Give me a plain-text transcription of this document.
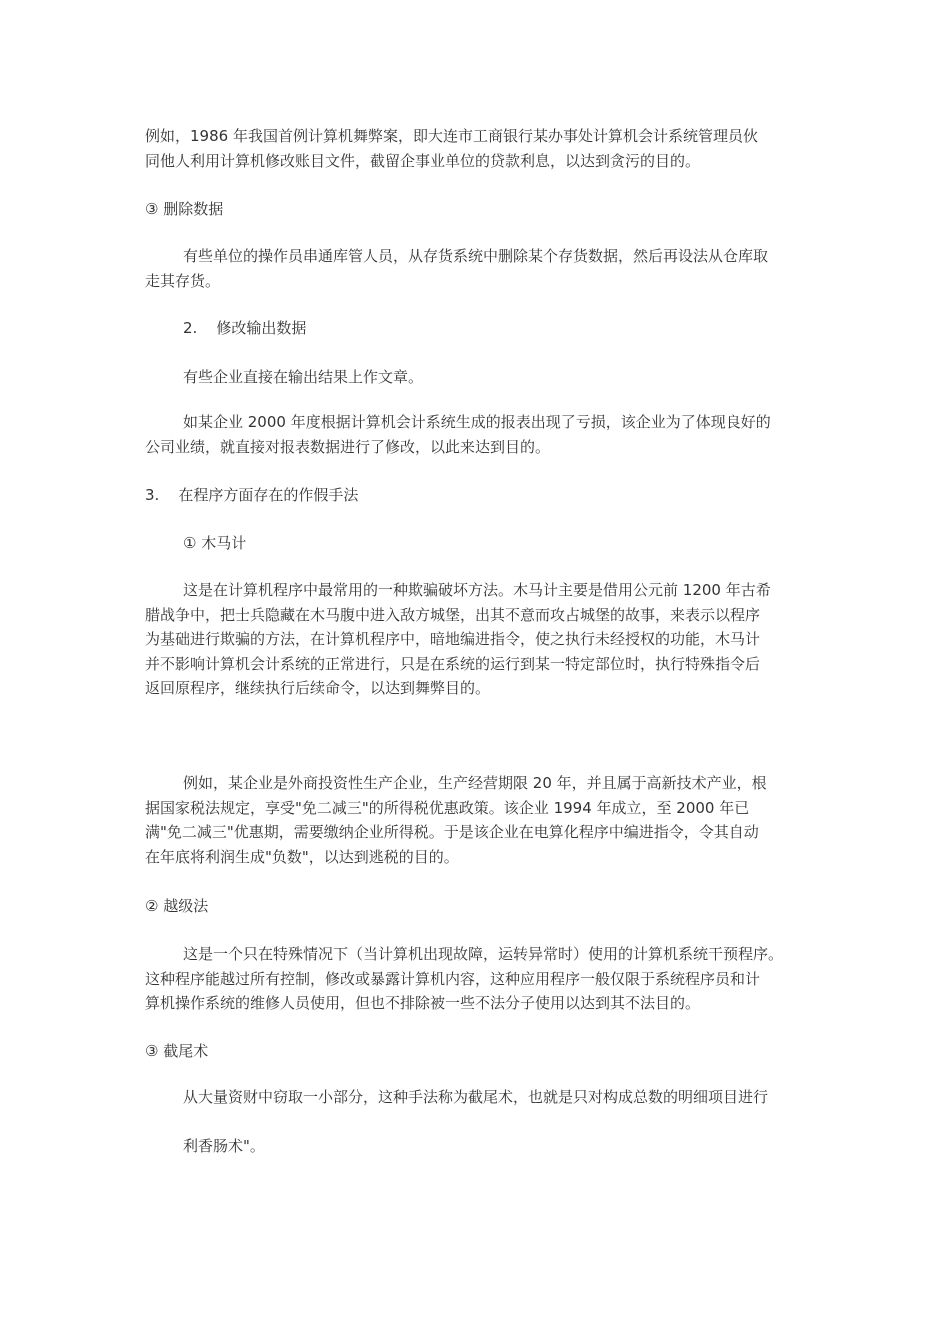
例如，1986 年我国首例计算机舞弊案，即大连市工商银行某办事处计算机会计系统管理员伙
同他人利用计算机修改账目文件，截留企事业单位的贷款利息，以达到贪污的目的。

③ 删除数据

有些单位的操作员串通库管人员，从存货系统中删除某个存货数据，然后再设法从仓库取
走其存货。

2.    修改输出数据

有些企业直接在输出结果上作文章。

如某企业 2000 年度根据计算机会计系统生成的报表出现了亏损，该企业为了体现良好的
公司业绩，就直接对报表数据进行了修改，以此来达到目的。

3.    在程序方面存在的作假手法

① 木马计

这是在计算机程序中最常用的一种欺骗破坏方法。木马计主要是借用公元前 1200 年古希
腊战争中，把士兵隐藏在木马腹中进入敌方城堡，出其不意而攻占城堡的故事，来表示以程序
为基础进行欺骗的方法，在计算机程序中，暗地编进指令，使之执行未经授权的功能，木马计
并不影响计算机会计系统的正常进行，只是在系统的运行到某一特定部位时，执行特殊指令后
返回原程序，继续执行后续命令，以达到舞弊目的。

例如，某企业是外商投资性生产企业，生产经营期限 20 年，并且属于高新技术产业，根
据国家税法规定，享受"免二减三"的所得税优惠政策。该企业 1994 年成立，至 2000 年已
满"免二减三"优惠期，需要缴纳企业所得税。于是该企业在电算化程序中编进指令，令其自动
在年底将利润生成"负数"，以达到逃税的目的。

② 越级法

这是一个只在特殊情况下（当计算机出现故障，运转异常时）使用的计算机系统干预程序。
这种程序能越过所有控制，修改或暴露计算机内容，这种应用程序一般仅限于系统程序员和计
算机操作系统的维修人员使用，但也不排除被一些不法分子使用以达到其不法目的。

③ 截尾术

从大量资财中窃取一小部分，这种手法称为截尾术，也就是只对构成总数的明细项目进行

利香肠术"。
